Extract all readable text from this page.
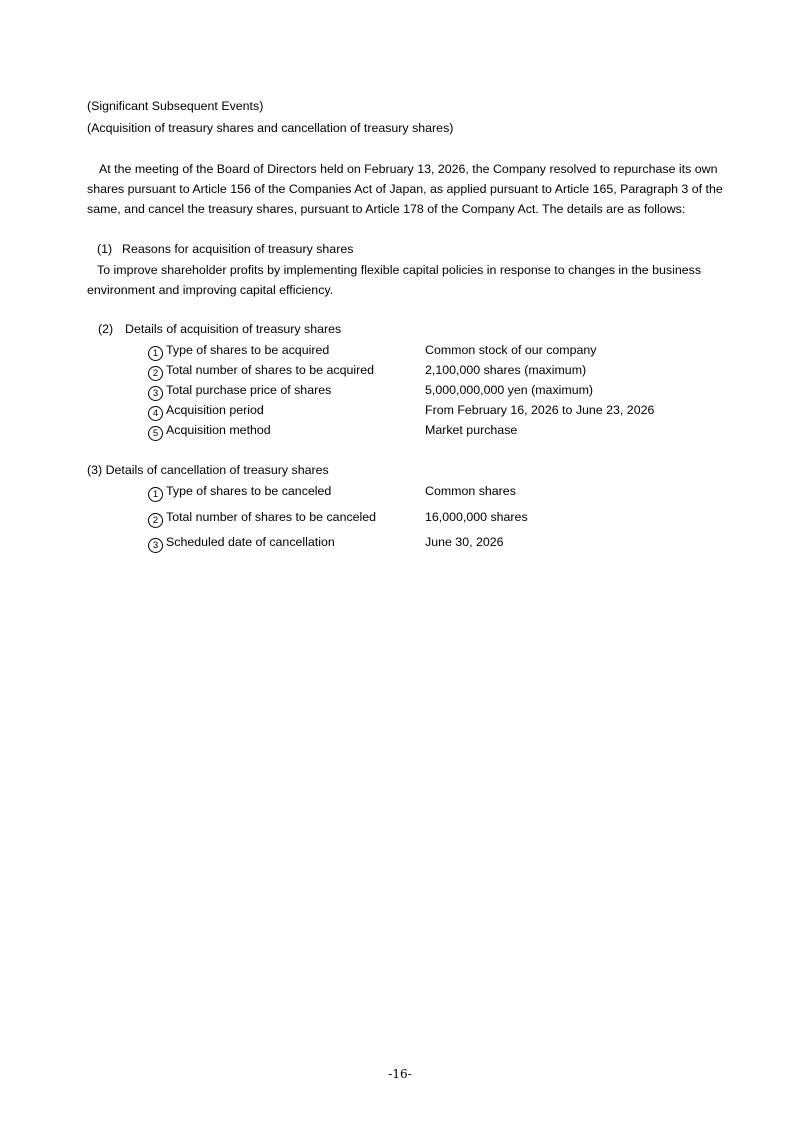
(Significant Subsequent Events)
(Acquisition of treasury shares and cancellation of treasury shares)
At the meeting of the Board of Directors held on February 13, 2026, the Company resolved to repurchase its own
shares pursuant to Article 156 of the Companies Act of Japan, as applied pursuant to Article 165, Paragraph 3 of the
same, and cancel the treasury shares, pursuant to Article 178 of the Company Act. The details are as follows:
(1) Reasons for acquisition of treasury shares
To improve shareholder profits by implementing flexible capital policies in response to changes in the business
environment and improving capital efficiency.
(2) Details of acquisition of treasury shares
1 Type of shares to be acquired	Common stock of our company
2 Total number of shares to be acquired	2,100,000 shares (maximum)
3 Total purchase price of shares	5,000,000,000 yen (maximum)
4 Acquisition period	From February 16, 2026 to June 23, 2026
5 Acquisition method	Market purchase
(3) Details of cancellation of treasury shares
1 Type of shares to be canceled	Common shares
2 Total number of shares to be canceled	16,000,000 shares
3 Scheduled date of cancellation	June 30, 2026
-16-
